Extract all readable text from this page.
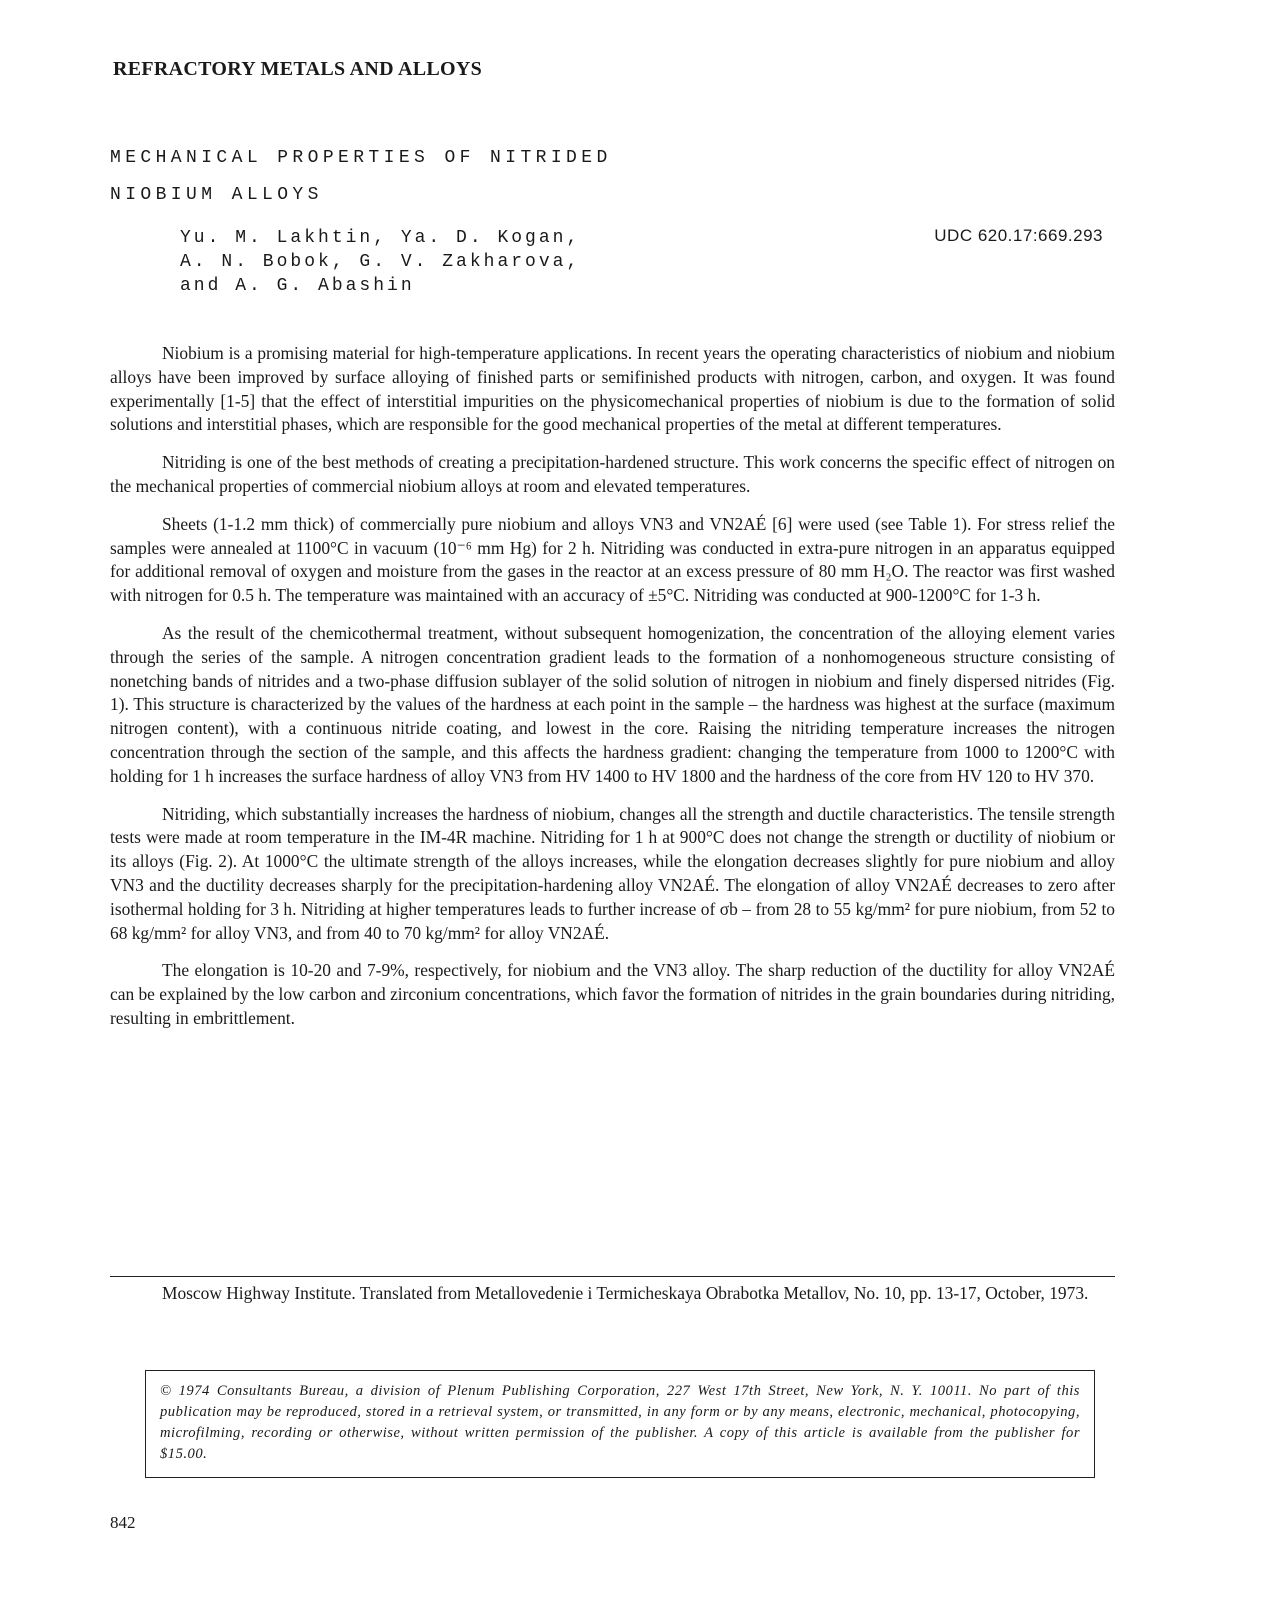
REFRACTORY METALS AND ALLOYS
MECHANICAL PROPERTIES OF NITRIDED
NIOBIUM ALLOYS
Yu. M. Lakhtin, Ya. D. Kogan,
A. N. Bobok, G. V. Zakharova,
and A. G. Abashin
UDC 620.17:669.293

Niobium is a promising material for high-temperature applications. In recent years the operating characteristics of niobium and niobium alloys have been improved by surface alloying of finished parts or semifinished products with nitrogen, carbon, and oxygen. It was found experimentally [1-5] that the effect of interstitial impurities on the physicomechanical properties of niobium is due to the formation of solid solutions and interstitial phases, which are responsible for the good mechanical properties of the metal at different temperatures.

Nitriding is one of the best methods of creating a precipitation-hardened structure. This work concerns the specific effect of nitrogen on the mechanical properties of commercial niobium alloys at room and elevated temperatures.

Sheets (1-1.2 mm thick) of commercially pure niobium and alloys VN3 and VN2AÉ [6] were used (see Table 1). For stress relief the samples were annealed at 1100°C in vacuum (10⁻⁶ mm Hg) for 2 h. Nitriding was conducted in extra-pure nitrogen in an apparatus equipped for additional removal of oxygen and moisture from the gases in the reactor at an excess pressure of 80 mm H₂O. The reactor was first washed with nitrogen for 0.5 h. The temperature was maintained with an accuracy of ±5°C. Nitriding was conducted at 900-1200°C for 1-3 h.

As the result of the chemicothermal treatment, without subsequent homogenization, the concentration of the alloying element varies through the series of the sample. A nitrogen concentration gradient leads to the formation of a nonhomogeneous structure consisting of nonetching bands of nitrides and a two-phase diffusion sublayer of the solid solution of nitrogen in niobium and finely dispersed nitrides (Fig. 1). This structure is characterized by the values of the hardness at each point in the sample – the hardness was highest at the surface (maximum nitrogen content), with a continuous nitride coating, and lowest in the core. Raising the nitriding temperature increases the nitrogen concentration through the section of the sample, and this affects the hardness gradient: changing the temperature from 1000 to 1200°C with holding for 1 h increases the surface hardness of alloy VN3 from HV 1400 to HV 1800 and the hardness of the core from HV 120 to HV 370.

Nitriding, which substantially increases the hardness of niobium, changes all the strength and ductile characteristics. The tensile strength tests were made at room temperature in the IM-4R machine. Nitriding for 1 h at 900°C does not change the strength or ductility of niobium or its alloys (Fig. 2). At 1000°C the ultimate strength of the alloys increases, while the elongation decreases slightly for pure niobium and alloy VN3 and the ductility decreases sharply for the precipitation-hardening alloy VN2AÉ. The elongation of alloy VN2AÉ decreases to zero after isothermal holding for 3 h. Nitriding at higher temperatures leads to further increase of σb – from 28 to 55 kg/mm² for pure niobium, from 52 to 68 kg/mm² for alloy VN3, and from 40 to 70 kg/mm² for alloy VN2AÉ.

The elongation is 10-20 and 7-9%, respectively, for niobium and the VN3 alloy. The sharp reduction of the ductility for alloy VN2AÉ can be explained by the low carbon and zirconium concentrations, which favor the formation of nitrides in the grain boundaries during nitriding, resulting in embrittlement.

Moscow Highway Institute. Translated from Metallovedenie i Termicheskaya Obrabotka Metallov, No. 10, pp. 13-17, October, 1973.
© 1974 Consultants Bureau, a division of Plenum Publishing Corporation, 227 West 17th Street, New York, N. Y. 10011. No part of this publication may be reproduced, stored in a retrieval system, or transmitted, in any form or by any means, electronic, mechanical, photocopying, microfilming, recording or otherwise, without written permission of the publisher. A copy of this article is available from the publisher for $15.00.
842
